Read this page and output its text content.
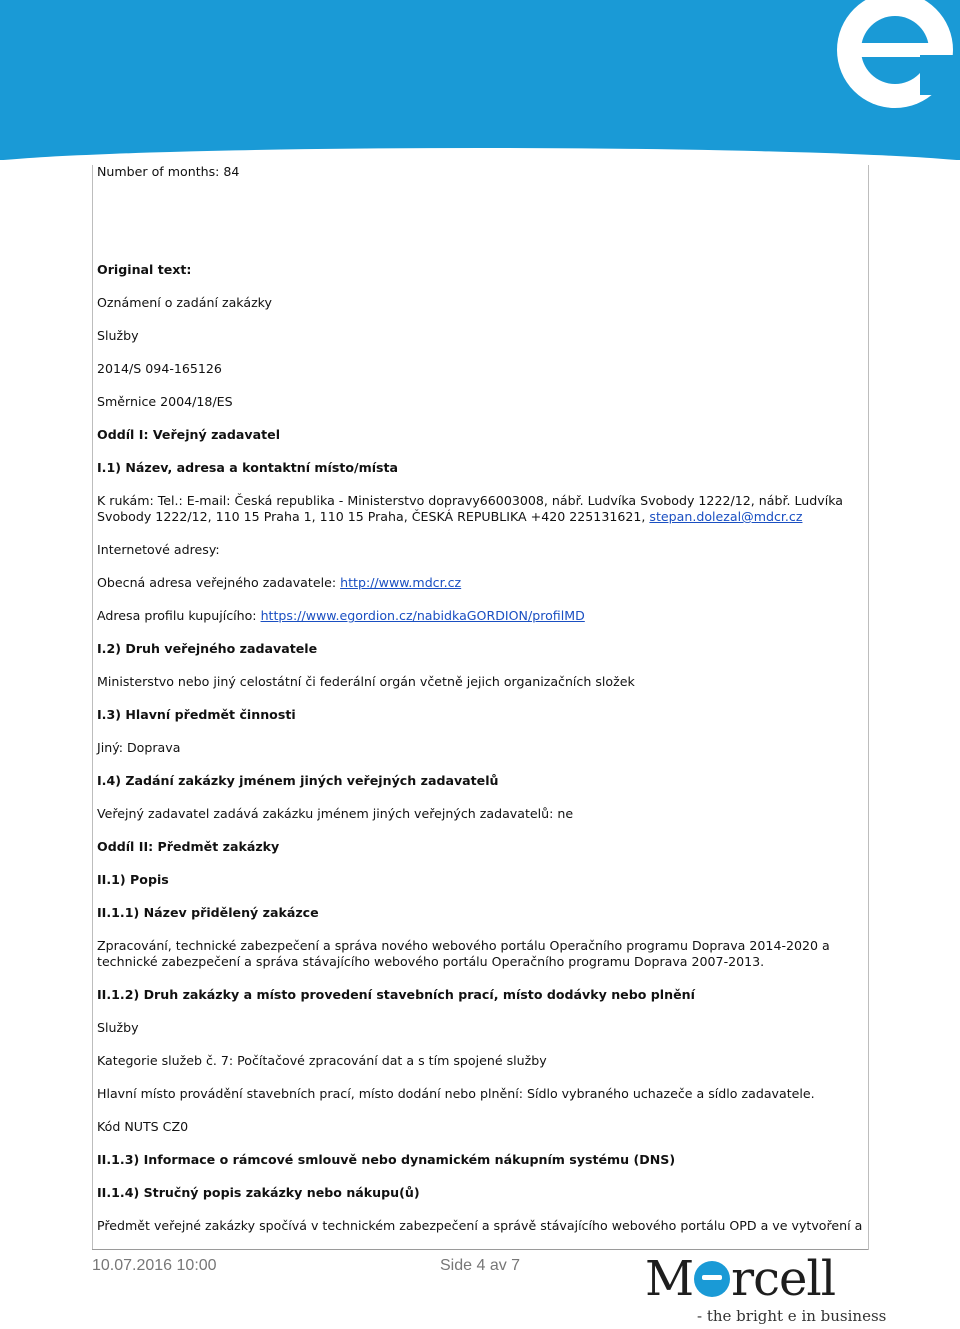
Number of months: 84

Original text:

Oznámení o zadání zakázky

Služby

2014/S 094-165126

Směrnice 2004/18/ES

Oddíl I: Veřejný zadavatel

I.1) Název, adresa a kontaktní místo/místa

K rukám: Tel.: E-mail: Česká republika - Ministerstvo dopravy66003008, nábř. Ludvíka Svobody 1222/12, nábř. Ludvíka Svobody 1222/12, 110 15 Praha 1, 110 15 Praha, ČESKÁ REPUBLIKA +420 225131621, stepan.dolezal@mdcr.cz

Internetové adresy:

Obecná adresa veřejného zadavatele: http://www.mdcr.cz

Adresa profilu kupujícího: https://www.egordion.cz/nabidkaGORDION/profilMD

I.2) Druh veřejného zadavatele

Ministerstvo nebo jiný celostátní či federální orgán včetně jejich organizačních složek

I.3) Hlavní předmět činnosti

Jiný: Doprava

I.4) Zadání zakázky jménem jiných veřejných zadavatelů

Veřejný zadavatel zadává zakázku jménem jiných veřejných zadavatelů: ne

Oddíl II: Předmět zakázky

II.1) Popis

II.1.1) Název přidělený zakázce

Zpracování, technické zabezpečení a správa nového webového portálu Operačního programu Doprava 2014-2020 a technické zabezpečení a správa stávajícího webového portálu Operačního programu Doprava 2007-2013.

II.1.2) Druh zakázky a místo provedení stavebních prací, místo dodávky nebo plnění

Služby

Kategorie služeb č. 7: Počítačové zpracování dat a s tím spojené služby

Hlavní místo provádění stavebních prací, místo dodání nebo plnění: Sídlo vybraného uchazeče a sídlo zadavatele.

Kód NUTS CZ0

II.1.3) Informace o rámcové smlouvě nebo dynamickém nákupním systému (DNS)

II.1.4) Stručný popis zakázky nebo nákupu(ů)

Předmět veřejné zakázky spočívá v technickém zabezpečení a správě stávajícího webového portálu OPD a ve vytvoření a

10.07.2016 10:00	Side 4 av 7	M rcell
- the bright e in business
